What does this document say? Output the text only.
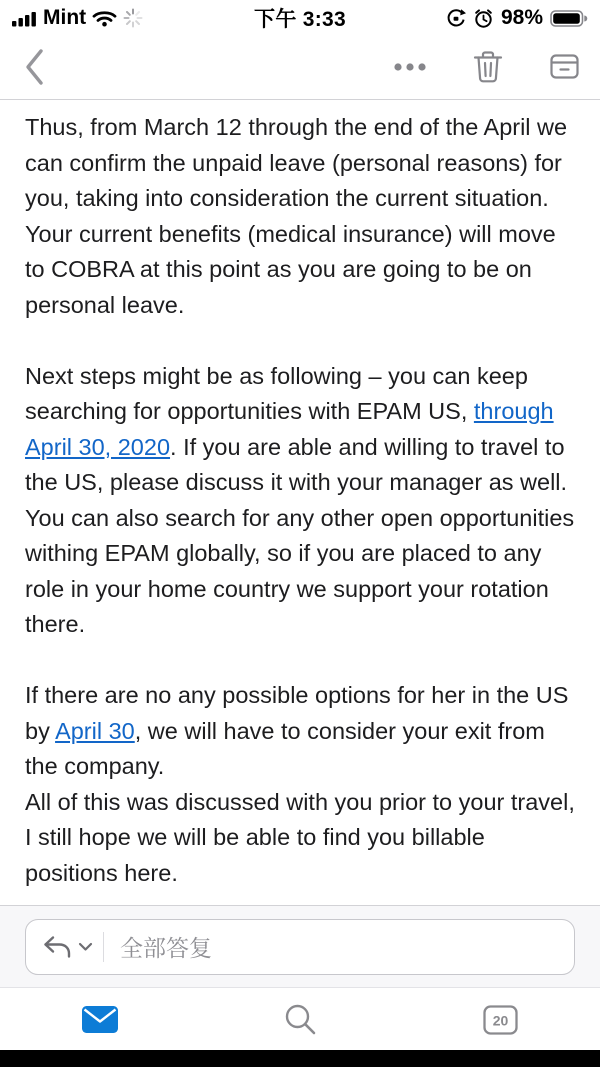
Mint	下午 3:33	98%

Thus, from March 12 through the end of the April we can confirm the unpaid leave (personal reasons) for you, taking into consideration the current situation. Your current benefits (medical insurance) will move to COBRA at this point as you are going to be on personal leave.

Next steps might be as following – you can keep searching for opportunities with EPAM US, through April 30, 2020. If you are able and willing to travel to the US, please discuss it with your manager as well. You can also search for any other open opportunities withing EPAM globally, so if you are placed to any role in your home country we support your rotation there.

If there are no any possible options for her in the US by April 30, we will have to consider your exit from the company.

All of this was discussed with you prior to your travel, I still hope we will be able to find you billable positions here.

全部答复
20
